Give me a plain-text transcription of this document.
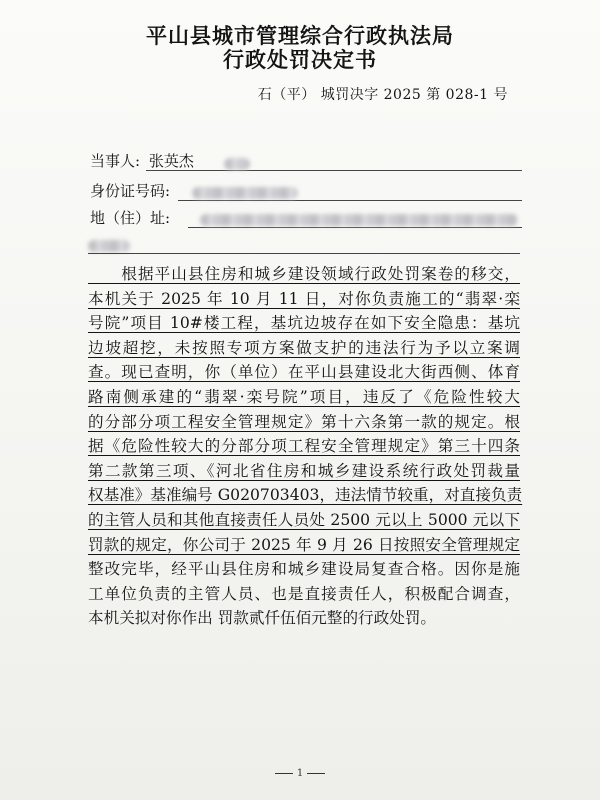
平山县城市管理综合行政执法局
行政处罚决定书
石（平） 城罚决字 2025 第 028-1 号
当事人: 张英杰
身份证号码:
地（住）址:
　　根据平山县住房和城乡建设领域行政处罚案卷的移交，
本机关于 2025 年 10 月 11 日，对你负责施工的“翡翠·栾
号院”项目 10#楼工程，基坑边坡存在如下安全隐患：基坑
边坡超挖，未按照专项方案做支护的违法行为予以立案调
查。现已查明，你（单位）在平山县建设北大街西侧、体育
路南侧承建的“翡翠·栾号院”项目，违反了《危险性较大
的分部分项工程安全管理规定》第十六条第一款的规定。根
据《危险性较大的分部分项工程安全管理规定》第三十四条
第二款第三项、《河北省住房和城乡建设系统行政处罚裁量
权基准》基准编号 G020703403，违法情节较重，对直接负责
的主管人员和其他直接责任人员处 2500 元以上 5000 元以下
罚款的规定，你公司于 2025 年 9 月 26 日按照安全管理规定
整改完毕，经平山县住房和城乡建设局复查合格。因你是施
工单位负责的主管人员、也是直接责任人，积极配合调查，
本机关拟对你作出 罚款贰仟伍佰元整的行政处罚。
1
